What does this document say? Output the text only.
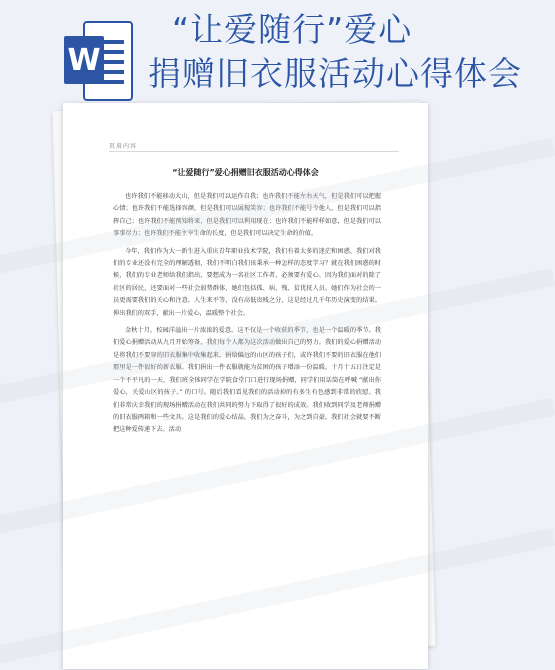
W
“让爱随行”爱心
捐赠旧衣服活动心得体会
页眉内容
“让爱随行”爱心捐赠旧衣服活动心得体会

也许我们不能移动大山，但是我们可以运作自我；也许我们不能左右天气，但是我们可以把握心情；也许我们不能选择容颜，但是我们可以展现笑容；也许我们不能号令他人，但是我们可以指挥自己；也许我们不能预知将来，但是我们可以利用现在；也许我们不能样样如意，但是我们可以事事尽力；也许我们不能主宰生命的长度，但是我们可以决定生命的价值。

今年，我们作为大一新生进入重庆青年职业技术学院，我们有着太多的迷茫和困惑，我们对我们的专业还没有完全的理解透彻，我们不明白我们该秉承一种怎样的态度学习？就在我们困惑的时候，我们的专业老师给我们指出，要想成为一名社区工作者，必须要有爱心、因为我们面对的除了社区的居民，还要面对一些社会弱势群体，她们包括孤、病、残、贫优抚人员。她们作为社会的一员更需要我们的关心和注意。人生来平等，没有高低贵贱之分，这是经过几千年历史演变的结果。伸出我们的双手，献出一片爱心，温暖整个社会。

金秋十月，校园洋溢出一片浓浓的爱意。这不仅是一个收获的季节，也是一个温暖的季节。我们爱心捐赠活动从九月开始筹备，我们每个人都为这次活动做出自己的努力。我们的爱心捐赠活动是将我们不要穿的旧衣服集中收集起来，捐给偏远的山区的孩子们，或许我们不要的旧衣服在他们那里是一件很好的新衣服。我们捐出一件衣服就能为贫困的孩子增添一份温暖。十月十五日注定是一个不平凡的一天，我们班全体同学在学院食堂门口进行现场捐赠，同学们用话筒在呼喊 “献出你爱心，关爱山区的孩子。” 的口号。随后我们看见我们的活动掉的有多生有色感到非常的欣慰。我们非常庆幸我们的现场捐赠活动在我们共同的努力下取得了很好的成效。我们收到同学及老师捐赠的旧衣服两箱和一些文具。这是我们的爱心结晶，我们为之奋斗，为之到自豪。我们社会就要不断把这种爱传递下去。活动
